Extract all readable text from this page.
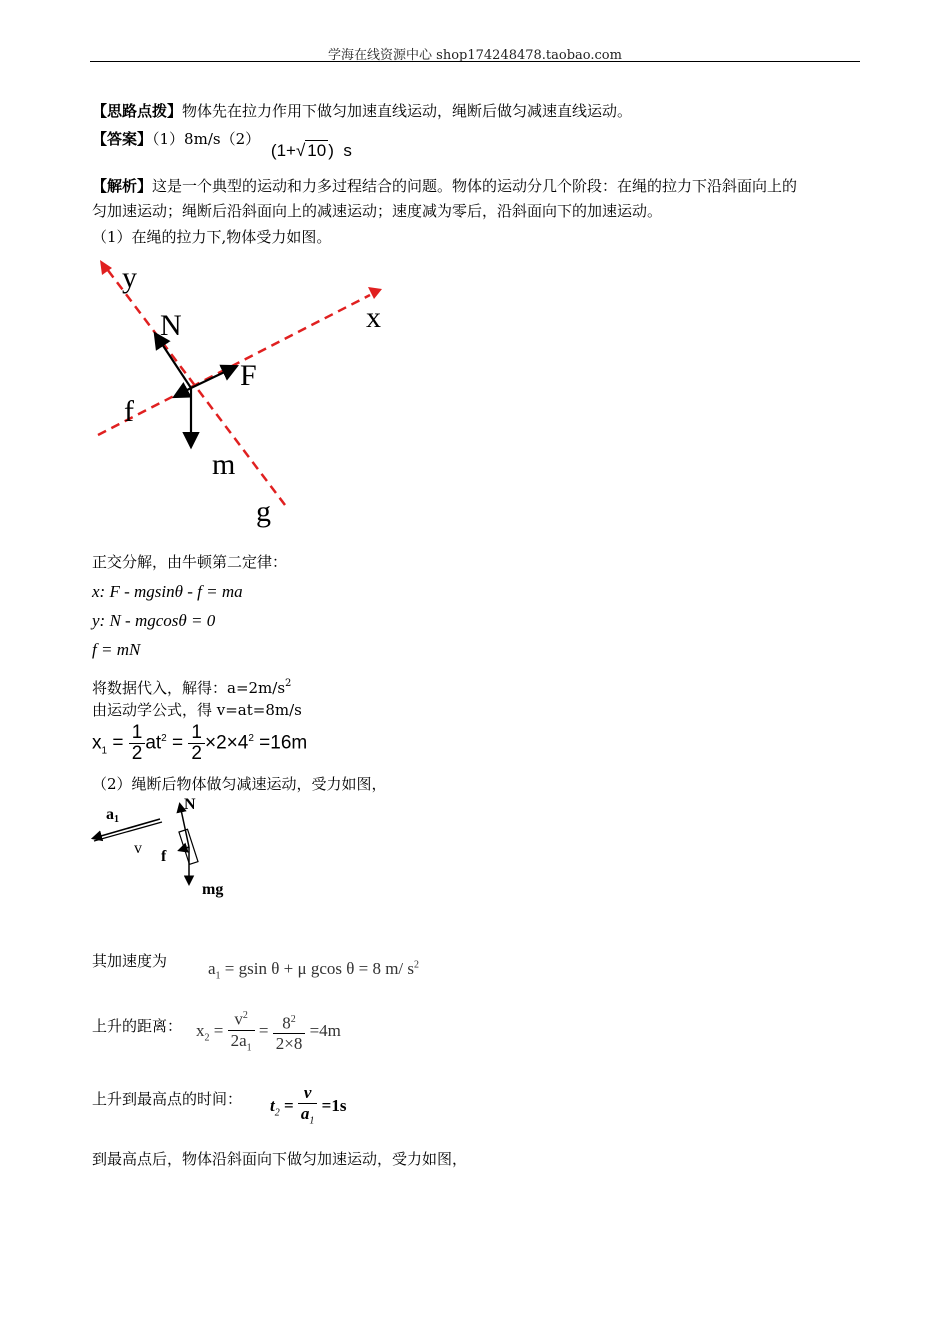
学海在线资源中心 shop174248478.taobao.com
【思路点拨】物体先在拉力作用下做匀加速直线运动，绳断后做匀减速直线运动。
【答案】（1）8m/s（2） (1+√ 10 ) s
【解析】这是一个典型的运动和力多过程结合的问题。物体的运动分几个阶段：在绳的拉力下沿斜面向上的
匀加速运动；绳断后沿斜面向上的减速运动；速度减为零后，沿斜面向下的加速运动。
（1）在绳的拉力下,物体受力如图。
y
x
N
F
f
m
g
正交分解，由牛顿第二定律：
x: F - mgsinθ - f = ma
y: N - mgcosθ = 0
f = mN
将数据代入，解得：$a=2m/s^2$
由运动学公式，得 v=at=8m/s
$x_1 = \frac{1}{2} at^2 = \frac{1}{2} \times 2\times 4^2 =16m$
（2）绳断后物体做匀减速运动，受力如图，
a1
v
N
f
mg
其加速度为 $a_1 = gsin$ θ + μ gcos θ = 8 m/ $s^2$
上升的距离： $x_2 = \frac{v^2}{2a_1} = \frac{8^2}{2\times 8} =4m$
上升到最高点的时间： $t_2 = \frac{v}{a_1} =1s$
到最高点后，物体沿斜面向下做匀加速运动，受力如图，
